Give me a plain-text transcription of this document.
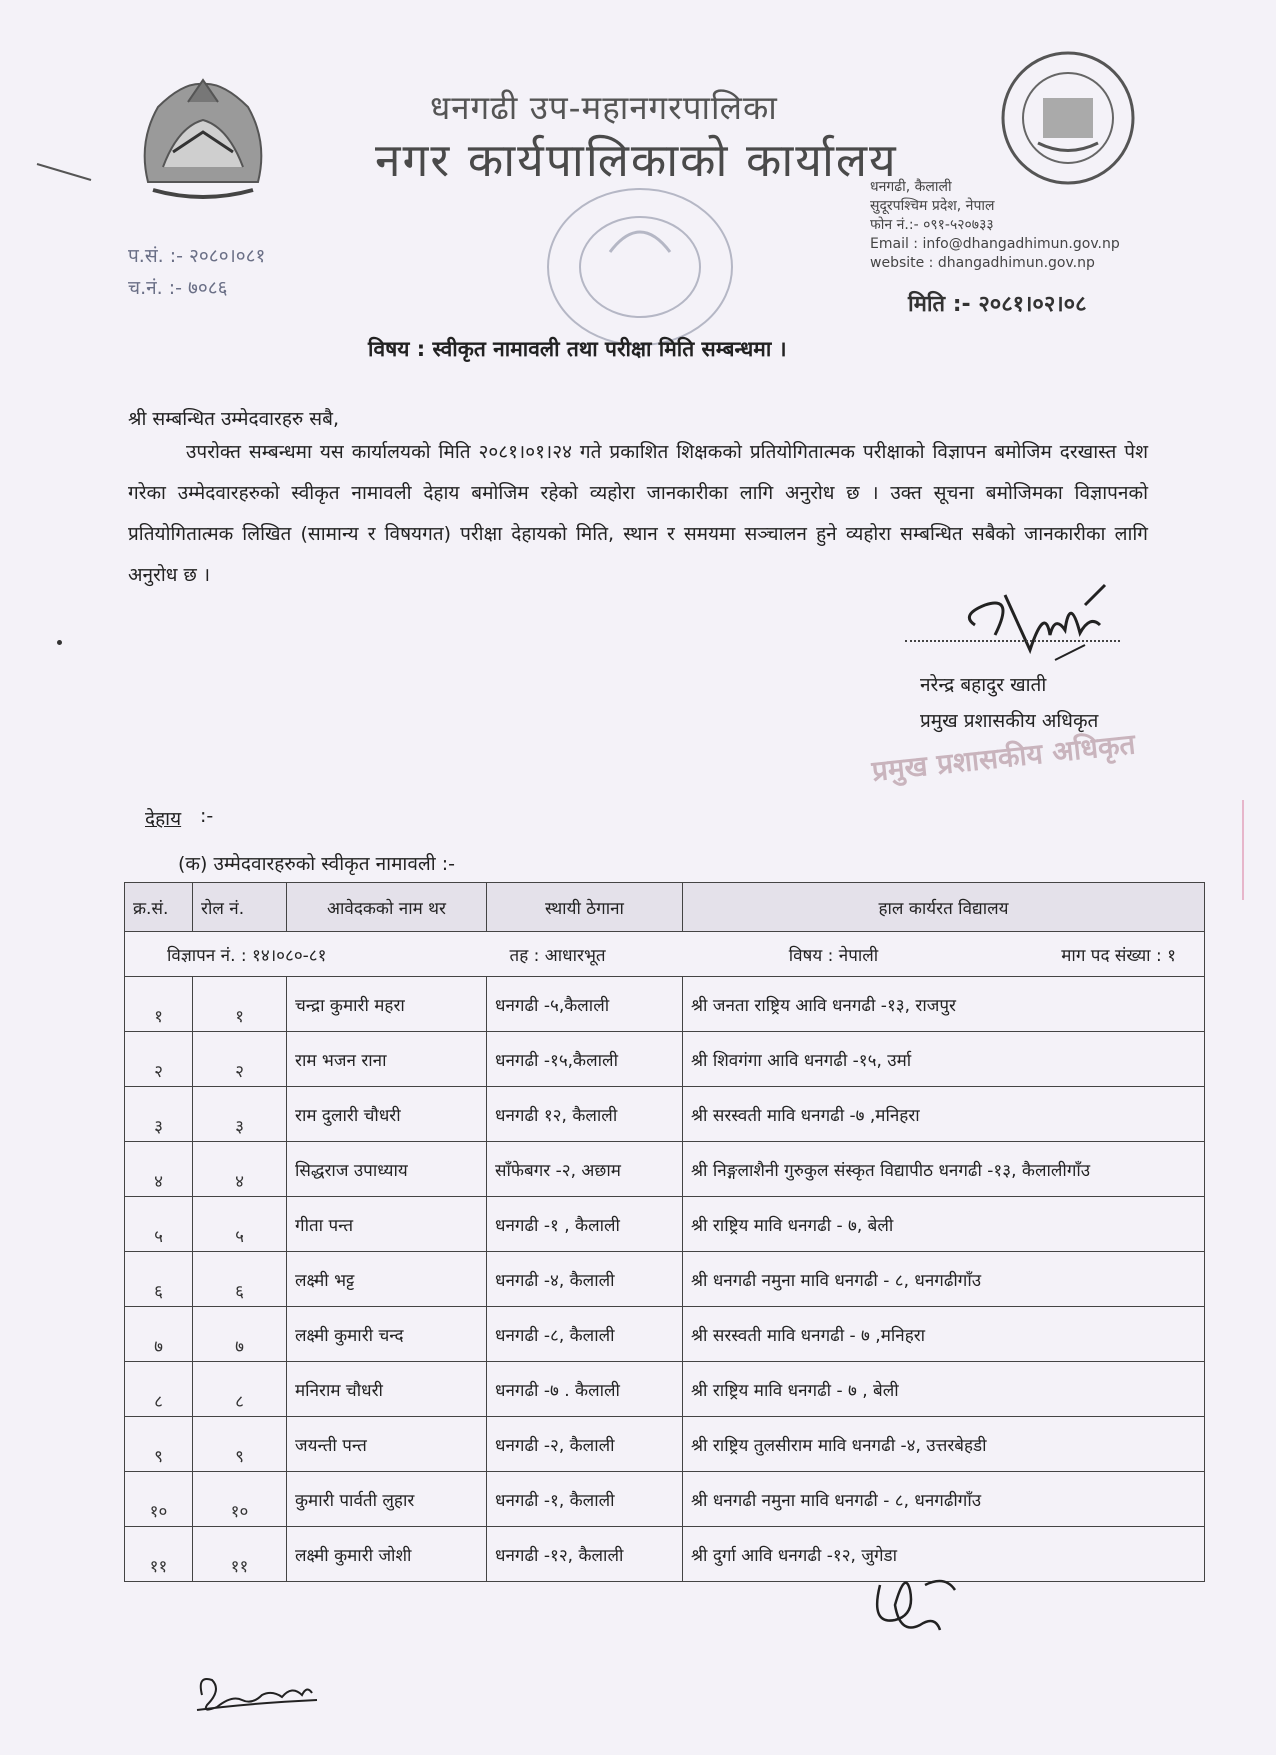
धनगढी उप-महानगरपालिका
नगर कार्यपालिकाको कार्यालय
धनगढी, कैलाली
सुदूरपश्चिम प्रदेश, नेपाल
फोन नं.:- ०९१-५२०७३३
Email : info@dhangadhimun.gov.np
website : dhangadhimun.gov.np
प.सं. :- २०८०।०८१
च.नं. :- ७०८६
मिति :- २०८१।०२।०८
विषय : स्वीकृत नामावली तथा परीक्षा मिति सम्बन्धमा ।
श्री सम्बन्धित उम्मेदवारहरु सबै,
उपरोक्त सम्बन्धमा यस कार्यालयको मिति २०८१।०१।२४ गते प्रकाशित शिक्षकको प्रतियोगितात्मक परीक्षाको विज्ञापन बमोजिम दरखास्त पेश गरेका उम्मेदवारहरुको स्वीकृत नामावली देहाय बमोजिम रहेको व्यहोरा जानकारीका लागि अनुरोध छ । उक्त सूचना बमोजिमका विज्ञापनको प्रतियोगितात्मक लिखित (सामान्य र विषयगत) परीक्षा देहायको मिति, स्थान र समयमा सञ्चालन हुने व्यहोरा सम्बन्धित सबैको जानकारीका लागि अनुरोध छ ।
नरेन्द्र बहादुर खाती
प्रमुख प्रशासकीय अधिकृत
प्रमुख प्रशासकीय अधिकृत
देहाय :-
(क) उम्मेदवारहरुको स्वीकृत नामावली :-
क्र.सं.	रोल नं.	आवेदकको नाम थर	स्थायी ठेगाना	हाल कार्यरत विद्यालय

विज्ञापन नं. : १४।०८०-८१ तह : आधारभूत विषय : नेपाली माग पद संख्या : १				

१	१	चन्द्रा कुमारी महरा	धनगढी -५,कैलाली	श्री जनता राष्ट्रिय आवि धनगढी -१३, राजपुर
२	२	राम भजन राना	धनगढी -१५,कैलाली	श्री शिवगंगा आवि धनगढी -१५, उर्मा
३	३	राम दुलारी चौधरी	धनगढी १२, कैलाली	श्री सरस्वती मावि धनगढी -७ ,मनिहरा
४	४	सिद्धराज उपाध्याय	साँफेबगर -२, अछाम	श्री निङ्गलाशैनी गुरुकुल संस्कृत विद्यापीठ धनगढी -१३, कैलालीगाँउ
५	५	गीता पन्त	धनगढी -१ , कैलाली	श्री राष्ट्रिय मावि धनगढी - ७, बेली
६	६	लक्ष्मी भट्ट	धनगढी -४, कैलाली	श्री धनगढी नमुना मावि धनगढी - ८, धनगढीगाँउ
७	७	लक्ष्मी कुमारी चन्द	धनगढी -८, कैलाली	श्री सरस्वती मावि धनगढी - ७ ,मनिहरा
८	८	मनिराम चौधरी	धनगढी -७ . कैलाली	श्री राष्ट्रिय मावि धनगढी - ७ , बेली
९	९	जयन्ती पन्त	धनगढी -२, कैलाली	श्री राष्ट्रिय तुलसीराम मावि धनगढी -४, उत्तरबेहडी
१०	१०	कुमारी पार्वती लुहार	धनगढी -१, कैलाली	श्री धनगढी नमुना मावि धनगढी - ८, धनगढीगाँउ
११	११	लक्ष्मी कुमारी जोशी	धनगढी -१२, कैलाली	श्री दुर्गा आवि धनगढी -१२, जुगेडा
